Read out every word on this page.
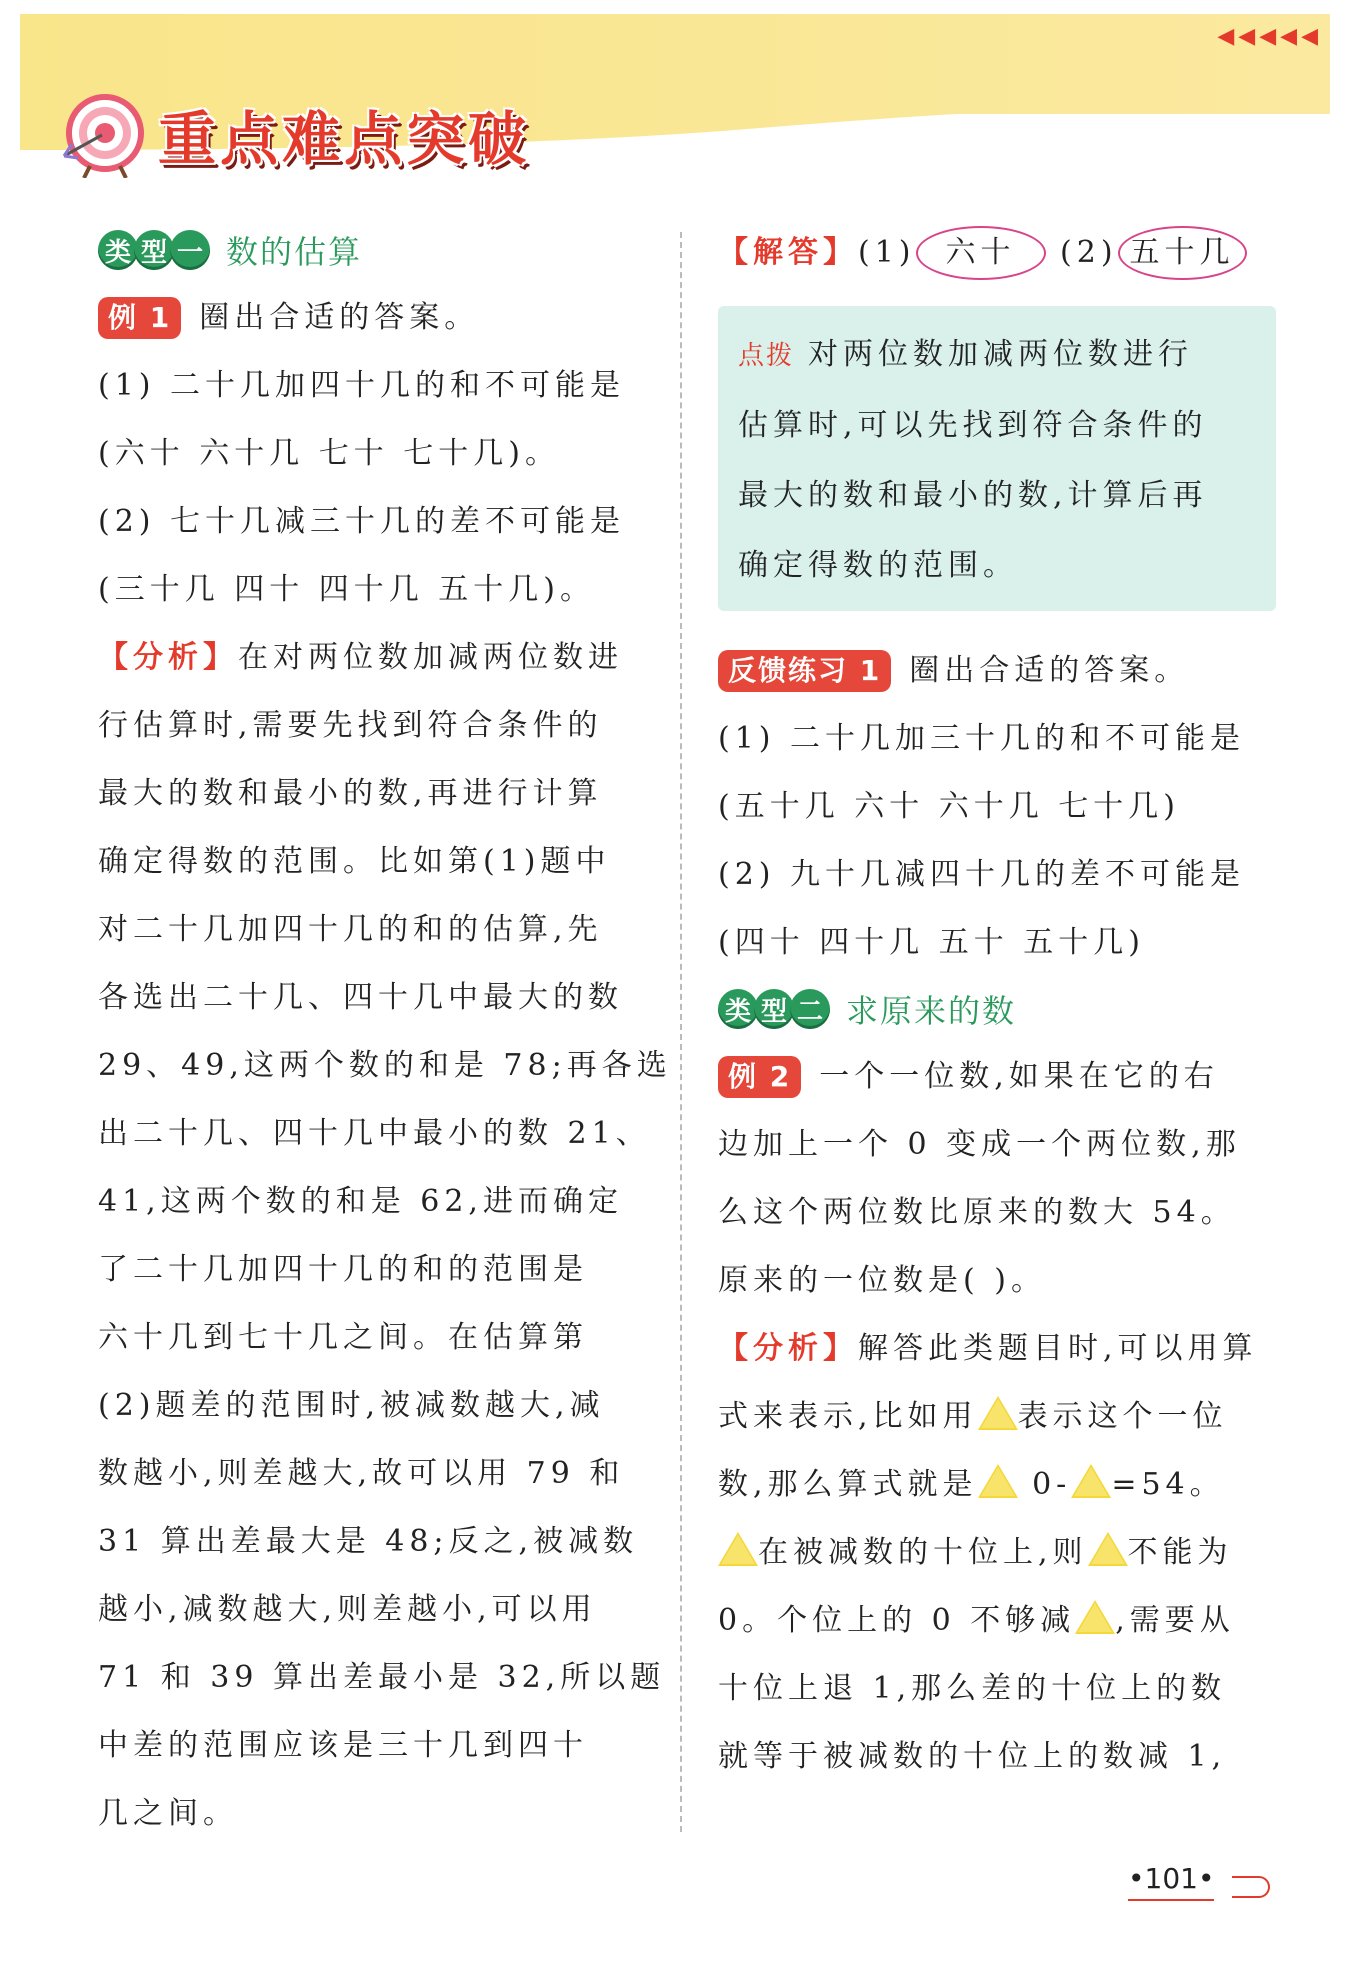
重点难点突破
◀◀◀◀◀
类 型 一 数的估算
例 1 圈出合适的答案。
(1) 二十几加四十几的和不可能是
(六十 六十几 七十 七十几)。
(2) 七十几减三十几的差不可能是
(三十几 四十 四十几 五十几)。
【分析】在对两位数加减两位数进
行估算时,需要先找到符合条件的
最大的数和最小的数,再进行计算
确定得数的范围。比如第(1)题中
对二十几加四十几的和的估算,先
各选出二十几、四十几中最大的数
29、49,这两个数的和是 78;再各选
出二十几、四十几中最小的数 21、
41,这两个数的和是 62,进而确定
了二十几加四十几的和的范围是
六十几到七十几之间。在估算第
(2)题差的范围时,被减数越大,减
数越小,则差越大,故可以用 79 和
31 算出差最大是 48;反之,被减数
越小,减数越大,则差越小,可以用
71 和 39 算出差最小是 32,所以题
中差的范围应该是三十几到四十
几之间。
【解答】(1) 六十 (2) 五十几
点拨 对两位数加减两位数进行
估算时,可以先找到符合条件的
最大的数和最小的数,计算后再
确定得数的范围。
反馈练习 1 圈出合适的答案。
(1) 二十几加三十几的和不可能是
(五十几 六十 六十几 七十几)
(2) 九十几减四十几的差不可能是
(四十 四十几 五十 五十几)
类 型 二 求原来的数
例 2 一个一位数,如果在它的右
边加上一个 0 变成一个两位数,那
么这个两位数比原来的数大 54。
原来的一位数是( )。
【分析】解答此类题目时,可以用算
式来表示,比如用 表示这个一位
数,那么算式就是 0- =54。
在被减数的十位上,则 不能为
0。个位上的 0 不够减 ,需要从
十位上退 1,那么差的十位上的数
就等于被减数的十位上的数减 1,
•101•
